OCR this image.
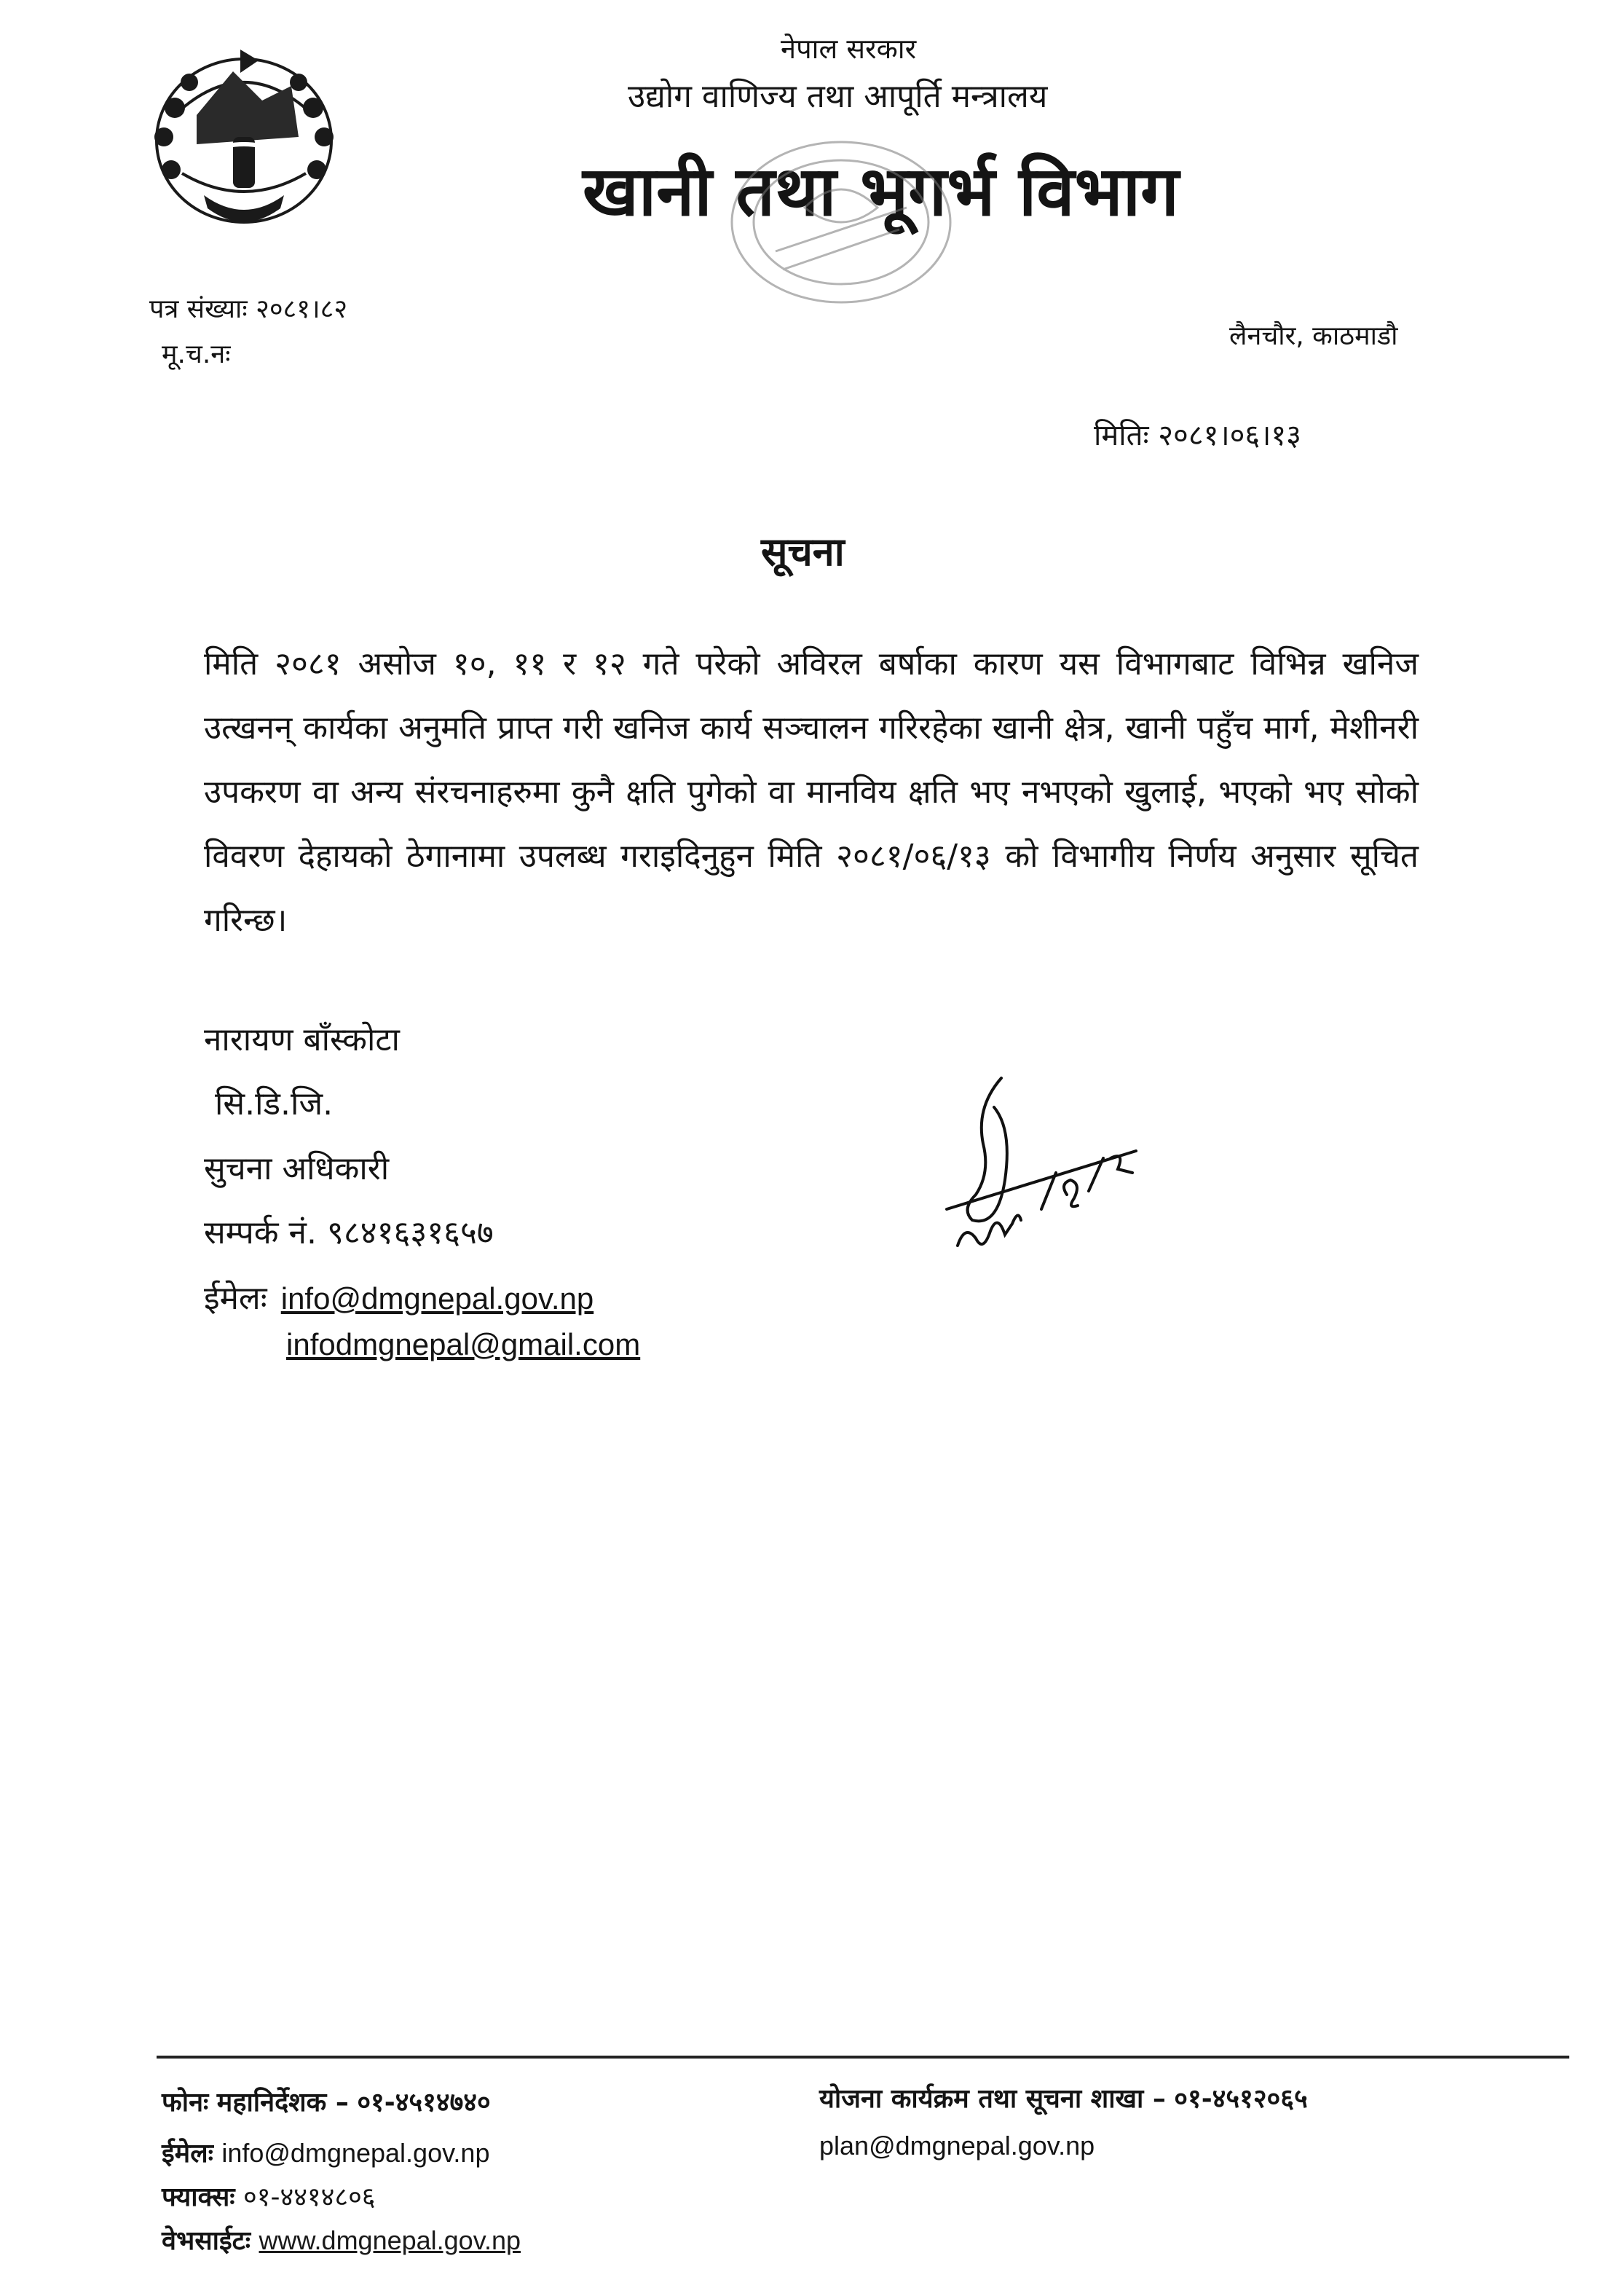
नेपाल सरकार
उद्योग वाणिज्य तथा आपूर्ति मन्त्रालय
खानी तथा भूगर्भ विभाग
पत्र संख्याः २०८१।८२
मू.च.नः
लैनचौर, काठमाडौ
मितिः २०८१।०६।१३
सूचना
मिति २०८१ असोज १०, ११ र १२ गते परेको अविरल बर्षाका कारण यस विभागबाट विभिन्न खनिज उत्खनन् कार्यका अनुमति प्राप्त गरी खनिज कार्य सञ्चालन गरिरहेका खानी क्षेत्र, खानी पहुँच मार्ग, मेशीनरी उपकरण वा अन्य संरचनाहरुमा कुनै क्षति पुगेको वा मानविय क्षति भए नभएको खुलाई, भएको भए सोको विवरण देहायको ठेगानामा उपलब्ध गराइदिनुहुन मिति २०८१/०६/१३ को विभागीय निर्णय अनुसार सूचित गरिन्छ।
नारायण बाँस्कोटा
सि.डि.जि.
सुचना अधिकारी
सम्पर्क नं. ९८४१६३१६५७
ईमेलः info@dmgnepal.gov.np
infodmgnepal@gmail.com
फोनः महानिर्देशक – ०१-४५१४७४०
ईमेलः info@dmgnepal.gov.np
फ्याक्सः ०१-४४१४८०६
वेभसाईटः www.dmgnepal.gov.np
योजना कार्यक्रम तथा सूचना शाखा – ०१-४५१२०६५
plan@dmgnepal.gov.np
